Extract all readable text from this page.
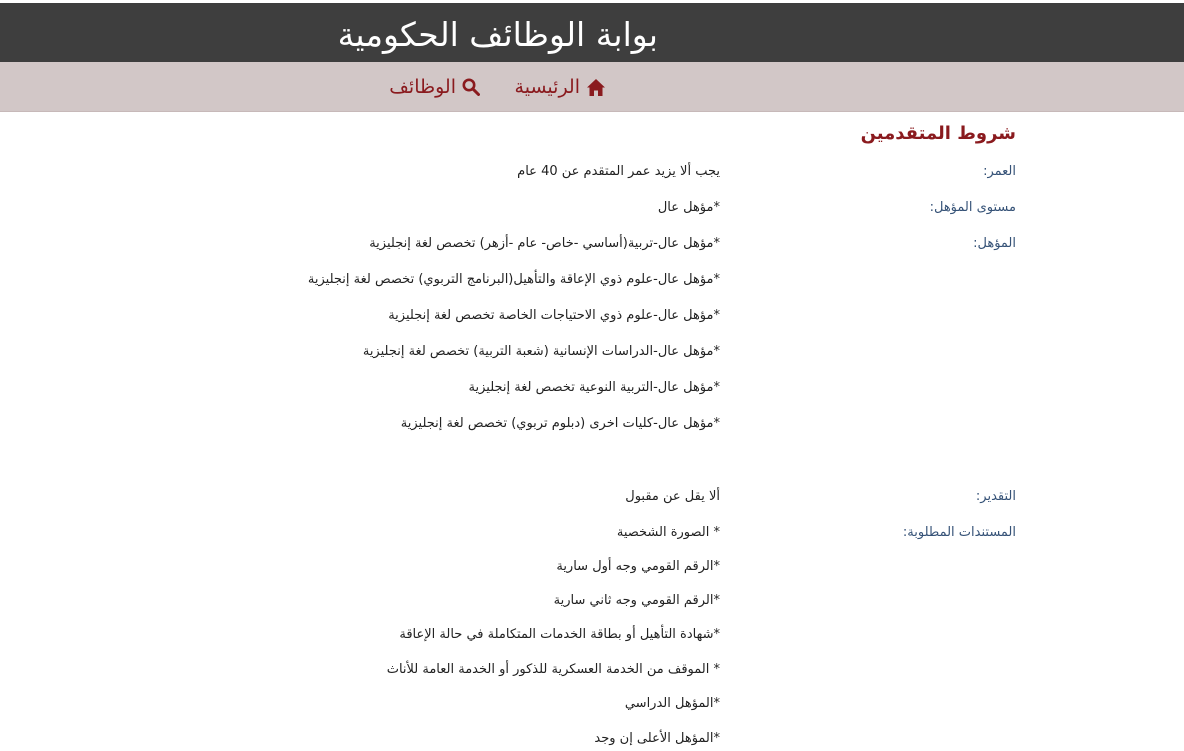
بوابة الوظائف الحكومية
الرئيسية
الوظائف
شروط المتقدمين
العمر:
يجب ألا يزيد عمر المتقدم عن 40 عام
مستوى المؤهل:
*مؤهل عال
المؤهل:
*مؤهل عال-تربية(أساسي -خاص- عام -أزهر) تخصص لغة إنجليزية
*مؤهل عال-علوم ذوي الإعاقة والتأهيل(البرنامج التربوي) تخصص لغة إنجليزية
*مؤهل عال-علوم ذوي الاحتياجات الخاصة تخصص لغة إنجليزية
*مؤهل عال-الدراسات الإنسانية (شعبة التربية) تخصص لغة إنجليزية
*مؤهل عال-التربية النوعية تخصص لغة إنجليزية
*مؤهل عال-كليات اخرى (دبلوم تربوي) تخصص لغة إنجليزية
التقدير:
ألا يقل عن مقبول
المستندات المطلوبة:
* الصورة الشخصية
*الرقم القومي وجه أول سارية
*الرقم القومي وجه ثاني سارية
*شهادة التأهيل أو بطاقة الخدمات المتكاملة في حالة الإعاقة
* الموقف من الخدمة العسكرية للذكور أو الخدمة العامة للأناث
*المؤهل الدراسي
*المؤهل الأعلى إن وجد
